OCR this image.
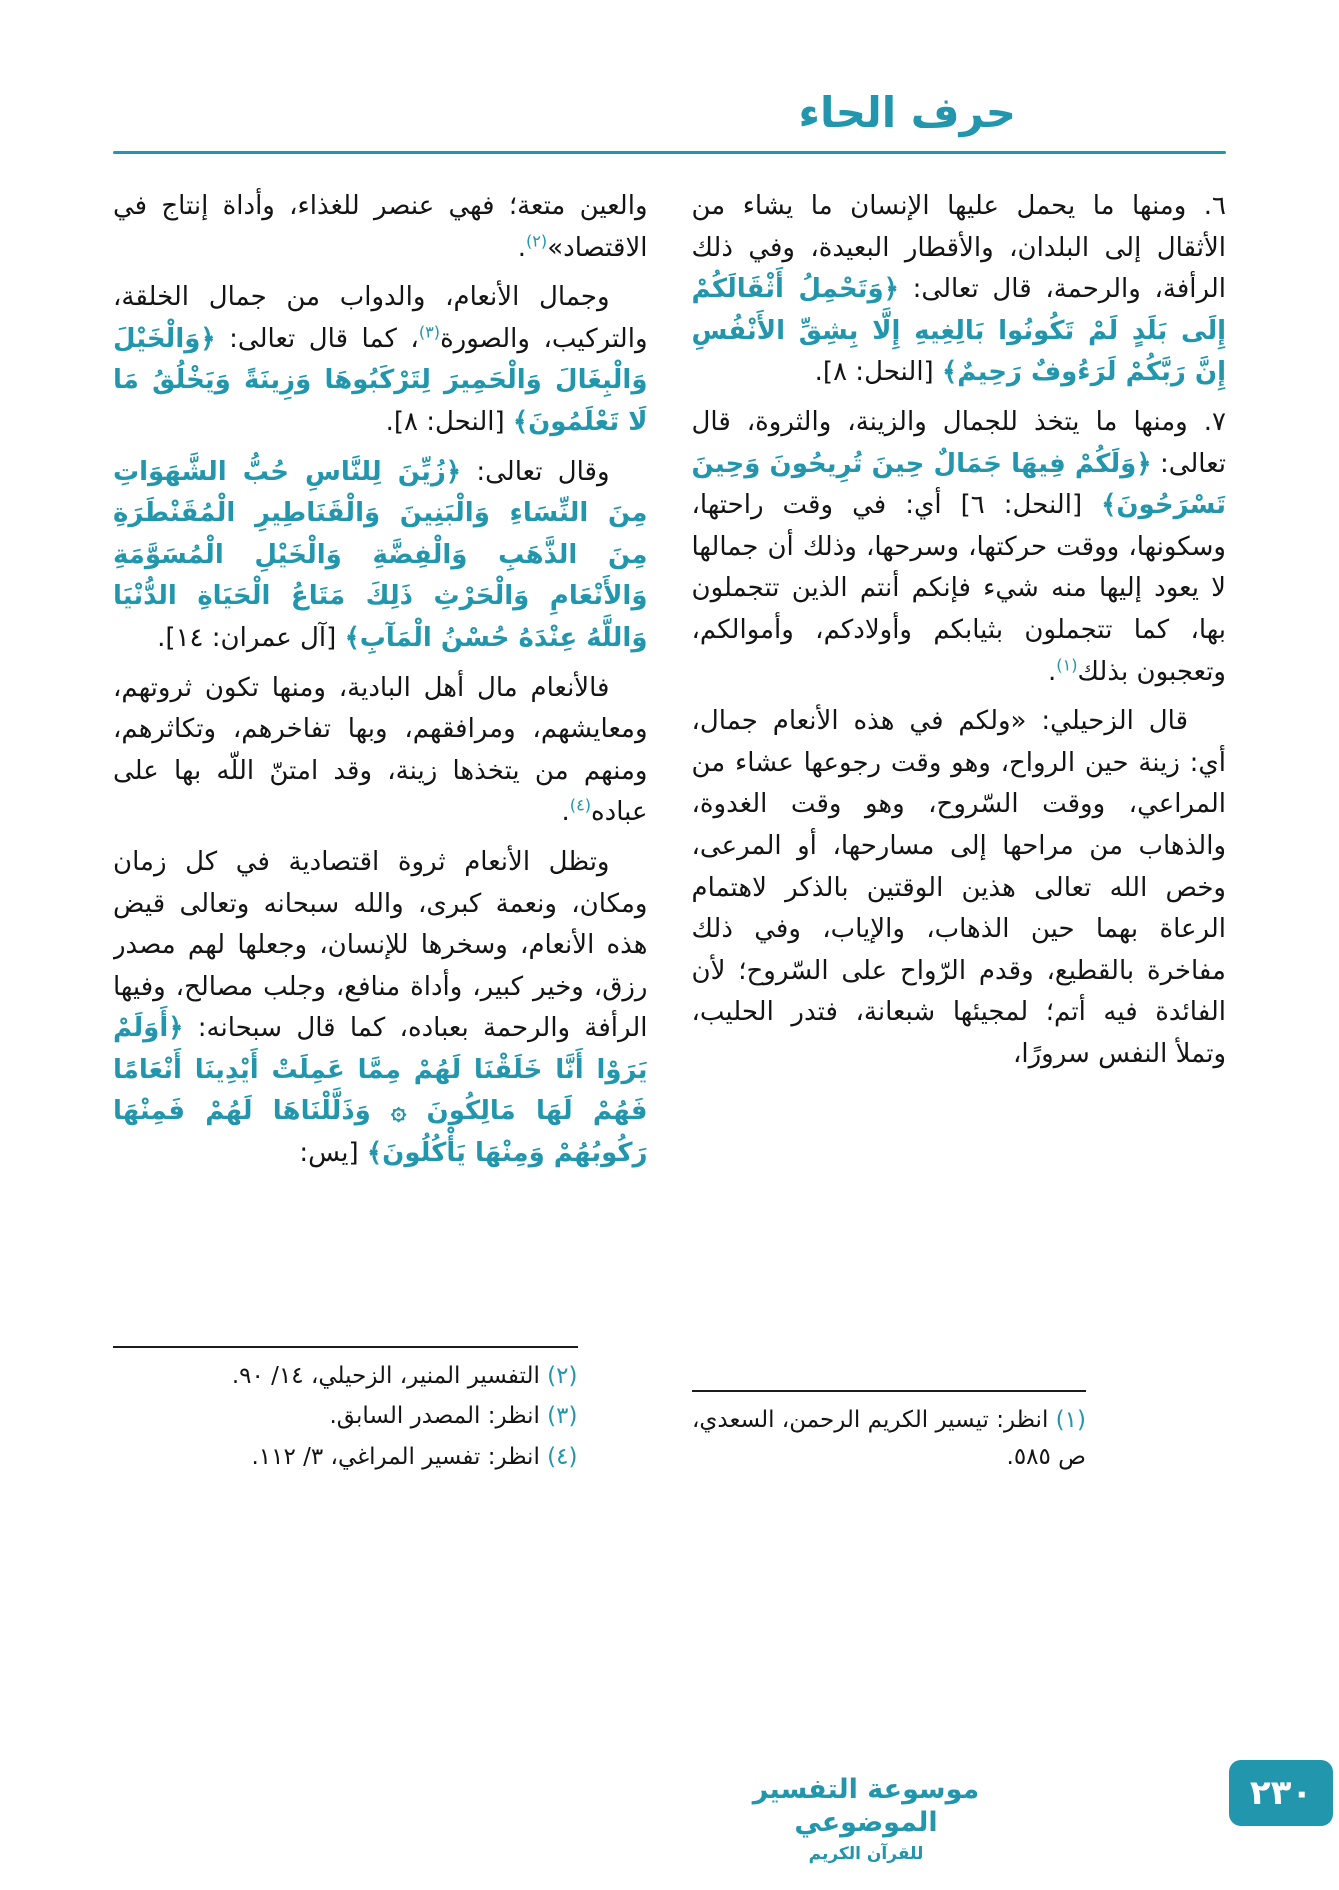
حرف الحاء

٦. ومنها ما يحمل عليها الإنسان ما يشاء من الأثقال إلى البلدان، والأقطار البعيدة، وفي ذلك الرأفة، والرحمة، قال تعالى: ﴿وَتَحْمِلُ أَثْقَالَكُمْ إِلَى بَلَدٍ لَمْ تَكُونُوا بَالِغِيهِ إِلَّا بِشِقِّ الأَنْفُسِ إِنَّ رَبَّكُمْ لَرَءُوفٌ رَحِيمٌ﴾ [النحل: ٨].

٧. ومنها ما يتخذ للجمال والزينة، والثروة، قال تعالى: ﴿وَلَكُمْ فِيهَا جَمَالٌ حِينَ تُرِيحُونَ وَحِينَ تَسْرَحُونَ﴾ [النحل: ٦] أي: في وقت راحتها، وسكونها، ووقت حركتها، وسرحها، وذلك أن جمالها لا يعود إليها منه شيء فإنكم أنتم الذين تتجملون بها، كما تتجملون بثيابكم وأولادكم، وأموالكم، وتعجبون بذلك$^{(١)}$.

قال الزحيلي: «ولكم في هذه الأنعام جمال، أي: زينة حين الرواح، وهو وقت رجوعها عشاء من المراعي، ووقت السّروح، وهو وقت الغدوة، والذهاب من مراحها إلى مسارحها، أو المرعى، وخص الله تعالى هذين الوقتين بالذكر لاهتمام الرعاة بهما حين الذهاب، والإياب، وفي ذلك مفاخرة بالقطيع، وقدم الرّواح على السّروح؛ لأن الفائدة فيه أتم؛ لمجيئها شبعانة، فتدر الحليب، وتملأ النفس سرورًا،

(١) انظر: تيسير الكريم الرحمن، السعدي، ص ٥٨٥.

والعين متعة؛ فهي عنصر للغذاء، وأداة إنتاج في الاقتصاد»$^{(٢)}$.

وجمال الأنعام، والدواب من جمال الخلقة، والتركيب، والصورة$^{(٣)}$، كما قال تعالى: ﴿وَالْخَيْلَ وَالْبِغَالَ وَالْحَمِيرَ لِتَرْكَبُوهَا وَزِينَةً وَيَخْلُقُ مَا لَا تَعْلَمُونَ﴾ [النحل: ٨].

وقال تعالى: ﴿زُيِّنَ لِلنَّاسِ حُبُّ الشَّهَوَاتِ مِنَ النِّسَاءِ وَالْبَنِينَ وَالْقَنَاطِيرِ الْمُقَنْطَرَةِ مِنَ الذَّهَبِ وَالْفِضَّةِ وَالْخَيْلِ الْمُسَوَّمَةِ وَالأَنْعَامِ وَالْحَرْثِ ذَلِكَ مَتَاعُ الْحَيَاةِ الدُّنْيَا وَاللَّهُ عِنْدَهُ حُسْنُ الْمَآبِ﴾ [آل عمران: ١٤].

فالأنعام مال أهل البادية، ومنها تكون ثروتهم، ومعايشهم، ومرافقهم، وبها تفاخرهم، وتكاثرهم، ومنهم من يتخذها زينة، وقد امتنّ اللّه بها على عباده$^{(٤)}$.

وتظل الأنعام ثروة اقتصادية في كل زمان ومكان، ونعمة كبرى، والله سبحانه وتعالى قيض هذه الأنعام، وسخرها للإنسان، وجعلها لهم مصدر رزق، وخير كبير، وأداة منافع، وجلب مصالح، وفيها الرأفة والرحمة بعباده، كما قال سبحانه: ﴿أَوَلَمْ يَرَوْا أَنَّا خَلَقْنَا لَهُمْ مِمَّا عَمِلَتْ أَيْدِينَا أَنْعَامًا فَهُمْ لَهَا مَالِكُونَ ۞ وَذَلَّلْنَاهَا لَهُمْ فَمِنْهَا رَكُوبُهُمْ وَمِنْهَا يَأْكُلُونَ﴾ [يس:

(٢) التفسير المنير، الزحيلي، ١٤/ ٩٠.
(٣) انظر: المصدر السابق.
(٤) انظر: تفسير المراغي، ٣/ ١١٢.
موسوعة التفسير الموضوعي
للقرآن الكريم
٢٣٠
